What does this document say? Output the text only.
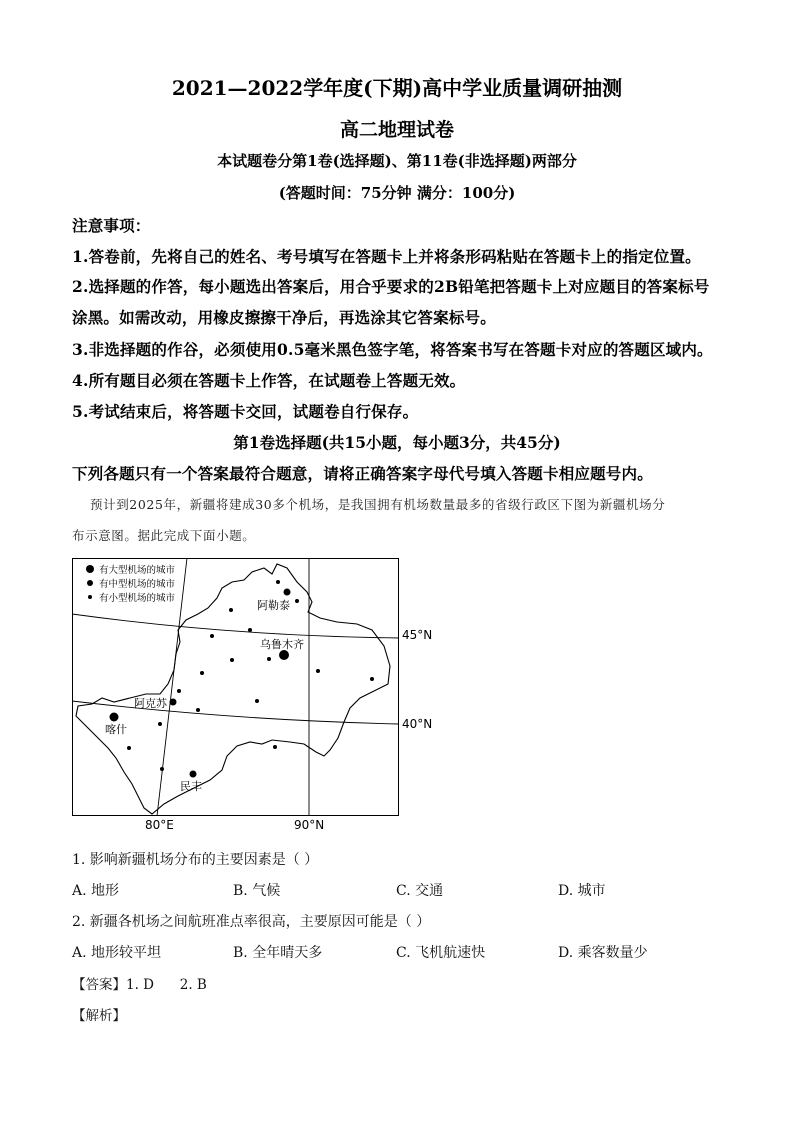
2021—2022学年度(下期)高中学业质量调研抽测
高二地理试卷
本试题卷分第1卷(选择题)、第11卷(非选择题)两部分
(答题时间：75分钟 满分：100分)
注意事项：
1.答卷前，先将自己的姓名、考号填写在答题卡上并将条形码粘贴在答题卡上的指定位置。
2.选择题的作答，每小题选出答案后，用合乎要求的2B铅笔把答题卡上对应题目的答案标号
涂黑。如需改动，用橡皮擦擦干净后，再选涂其它答案标号。
3.非选择题的作谷，必须使用0.5毫米黑色签字笔，将答案书写在答题卡对应的答题区域内。
4.所有题目必须在答题卡上作答，在试题卷上答题无效。
5.考试结束后，将答题卡交回，试题卷自行保存。
第1卷选择题(共15小题，每小题3分，共45分)
下列各题只有一个答案最符合题意，请将正确答案字母代号填入答题卡相应题号内。
预计到2025年，新疆将建成30多个机场，是我国拥有机场数量最多的省级行政区下图为新疆机场分
布示意图。据此完成下面小题。
有大型机场的城市
有中型机场的城市
有小型机场的城市
阿勒泰
乌鲁木齐
阿克苏
喀什
民丰
45°N
40°N
80°E	90°N
1. 影响新疆机场分布的主要因素是（ ）
A. 地形	B. 气候	C. 交通	D. 城市
2. 新疆各机场之间航班准点率很高，主要原因可能是（ ）
A. 地形较平坦	B. 全年晴天多	C. 飞机航速快	D. 乘客数量少
【答案】1. D      2. B
【解析】
